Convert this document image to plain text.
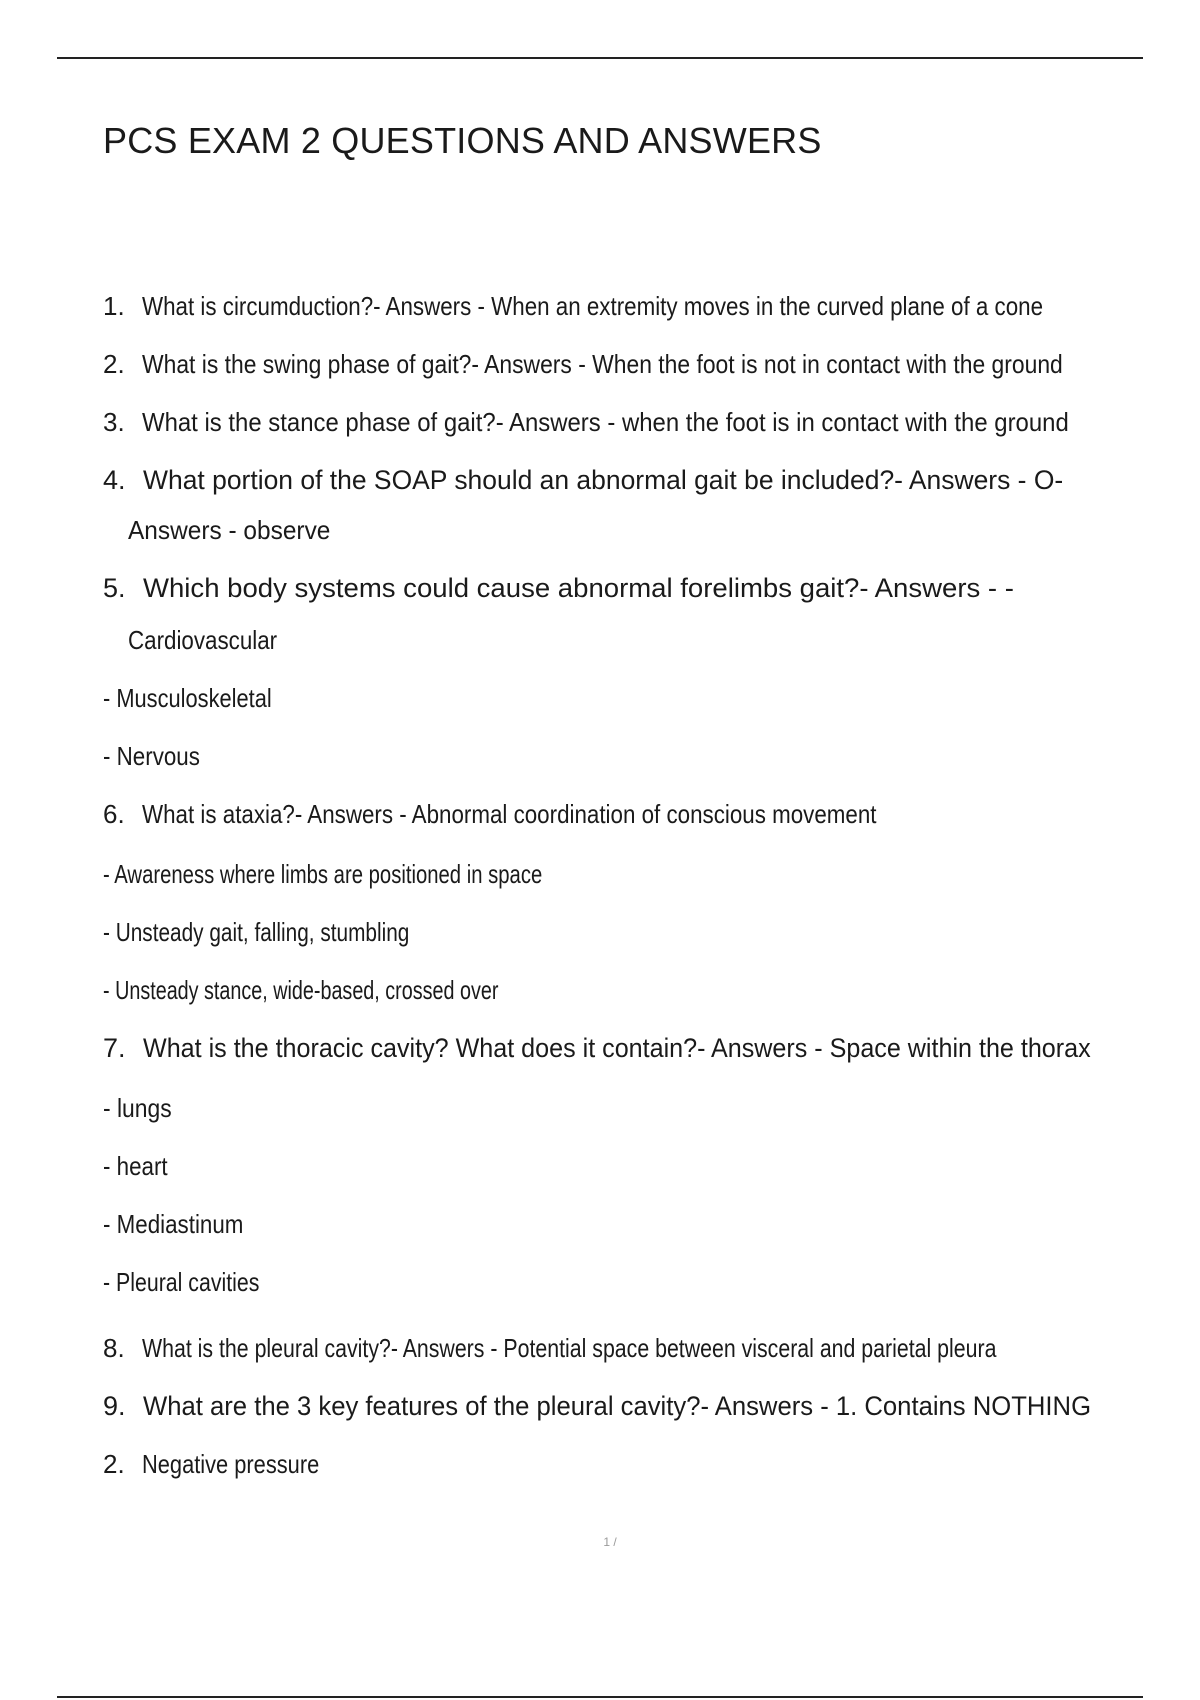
PCS EXAM 2 QUESTIONS AND ANSWERS
1. What is circumduction?- Answers - When an extremity moves in the curved plane of a cone
2. What is the swing phase of gait?- Answers - When the foot is not in contact with the ground
3. What is the stance phase of gait?- Answers - when the foot is in contact with the ground
4. What portion of the SOAP should an abnormal gait be included?- Answers - O-
Answers - observe
5. Which body systems could cause abnormal forelimbs gait?- Answers - -
Cardiovascular
- Musculoskeletal
- Nervous
6. What is ataxia?- Answers - Abnormal coordination of conscious movement
- Awareness where limbs are positioned in space
- Unsteady gait, falling, stumbling
- Unsteady stance, wide-based, crossed over
7. What is the thoracic cavity? What does it contain?- Answers - Space within the thorax
- lungs
- heart
- Mediastinum
- Pleural cavities
8. What is the pleural cavity?- Answers - Potential space between visceral and parietal pleura
9. What are the 3 key features of the pleural cavity?- Answers - 1. Contains NOTHING
2. Negative pressure
1 /
